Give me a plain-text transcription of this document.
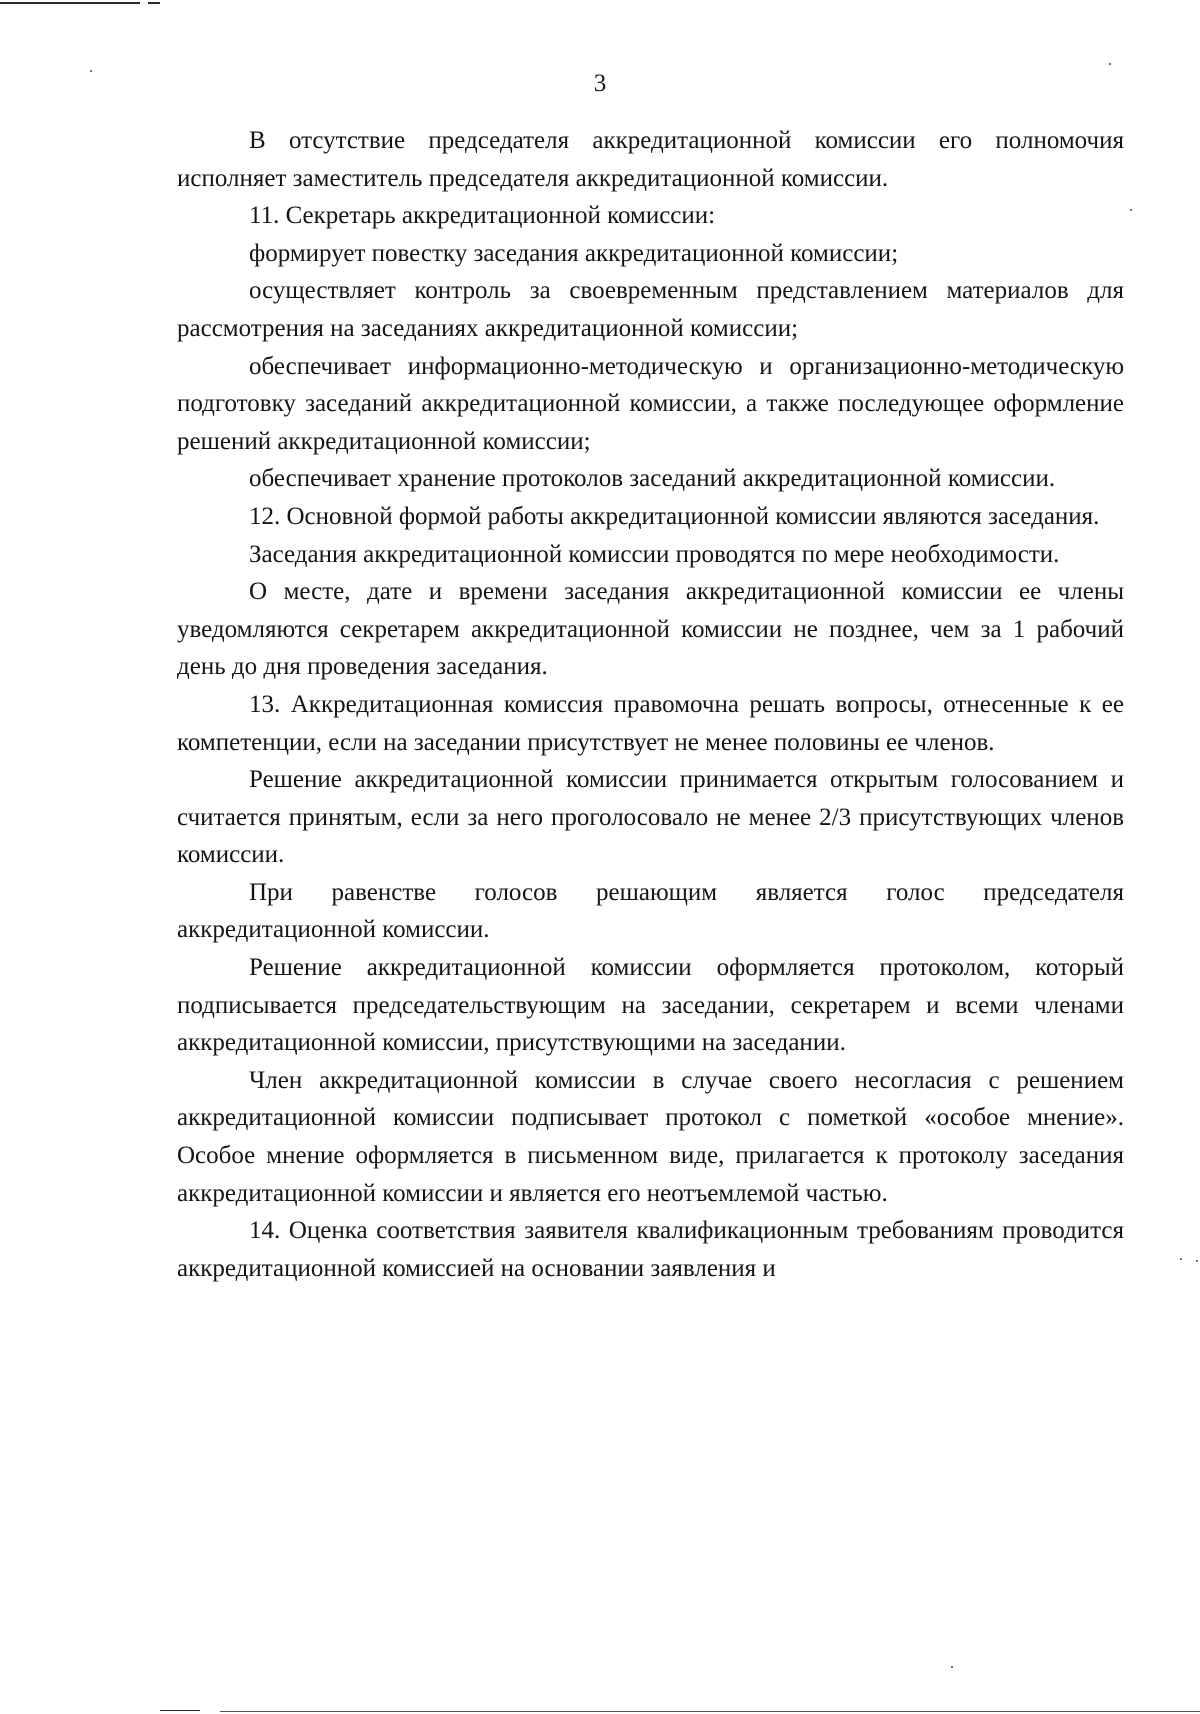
3

В отсутствие председателя аккредитационной комиссии его полномочия исполняет заместитель председателя аккредитационной комиссии.

11. Секретарь аккредитационной комиссии:

формирует повестку заседания аккредитационной комиссии;

осуществляет контроль за своевременным представлением материалов для рассмотрения на заседаниях аккредитационной комиссии;

обеспечивает информационно-методическую и организационно-методическую подготовку заседаний аккредитационной комиссии, а также последующее оформление решений аккредитационной комиссии;

обеспечивает хранение протоколов заседаний аккредитационной комиссии.

12. Основной формой работы аккредитационной комиссии являются заседания.

Заседания аккредитационной комиссии проводятся по мере необходимости.

О месте, дате и времени заседания аккредитационной комиссии ее члены уведомляются секретарем аккредитационной комиссии не позднее, чем за 1 рабочий день до дня проведения заседания.

13. Аккредитационная комиссия правомочна решать вопросы, отнесенные к ее компетенции, если на заседании присутствует не менее половины ее членов.

Решение аккредитационной комиссии принимается открытым голосованием и считается принятым, если за него проголосовало не менее 2/3 присутствующих членов комиссии.

При равенстве голосов решающим является голос председателя аккредитационной комиссии.

Решение аккредитационной комиссии оформляется протоколом, который подписывается председательствующим на заседании, секретарем и всеми членами аккредитационной комиссии, присутствующими на заседании.

Член аккредитационной комиссии в случае своего несогласия с решением аккредитационной комиссии подписывает протокол с пометкой «особое мнение». Особое мнение оформляется в письменном виде, прилагается к протоколу заседания аккредитационной комиссии и является его неотъемлемой частью.

14. Оценка соответствия заявителя квалификационным требованиям проводится аккредитационной комиссией на основании заявления и
